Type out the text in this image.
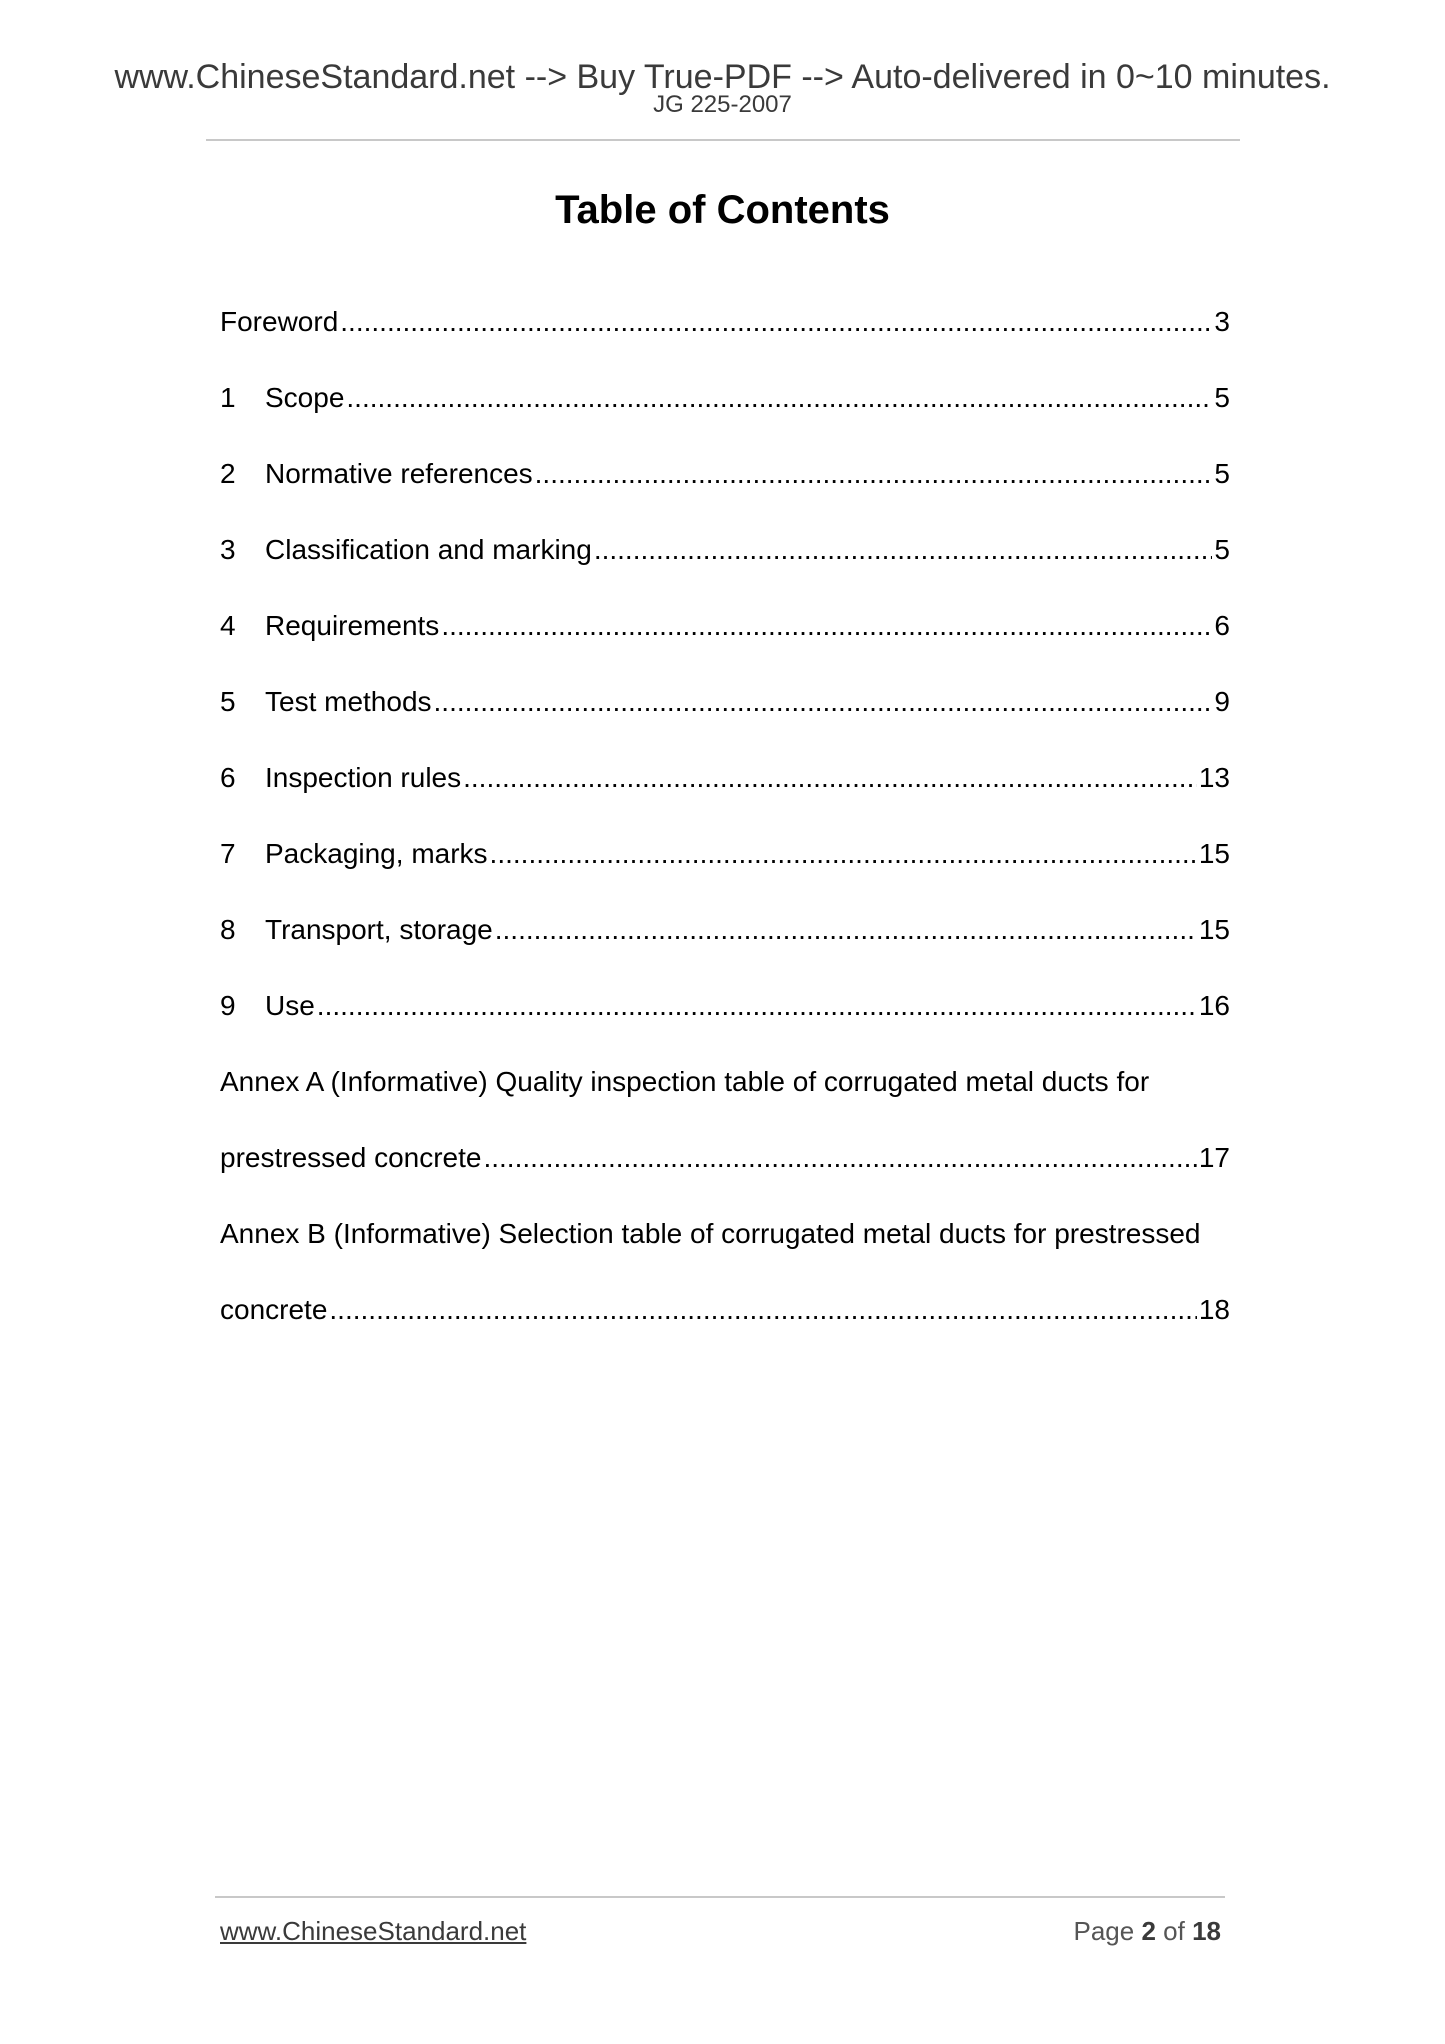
www.ChineseStandard.net --> Buy True-PDF --> Auto-delivered in 0~10 minutes.
JG 225-2007
Table of Contents
Foreword .....	3
1	Scope .....	5
2	Normative references .....	5
3	Classification and marking .....	5
4	Requirements .....	6
5	Test methods .....	9
6	Inspection rules .....	13
7	Packaging, marks .....	15
8	Transport, storage .....	15
9	Use .....	16
Annex A (Informative) Quality inspection table of corrugated metal ducts for
prestressed concrete .....	17
Annex B (Informative) Selection table of corrugated metal ducts for prestressed
concrete .....	18
www.ChineseStandard.net	Page 2 of 18
